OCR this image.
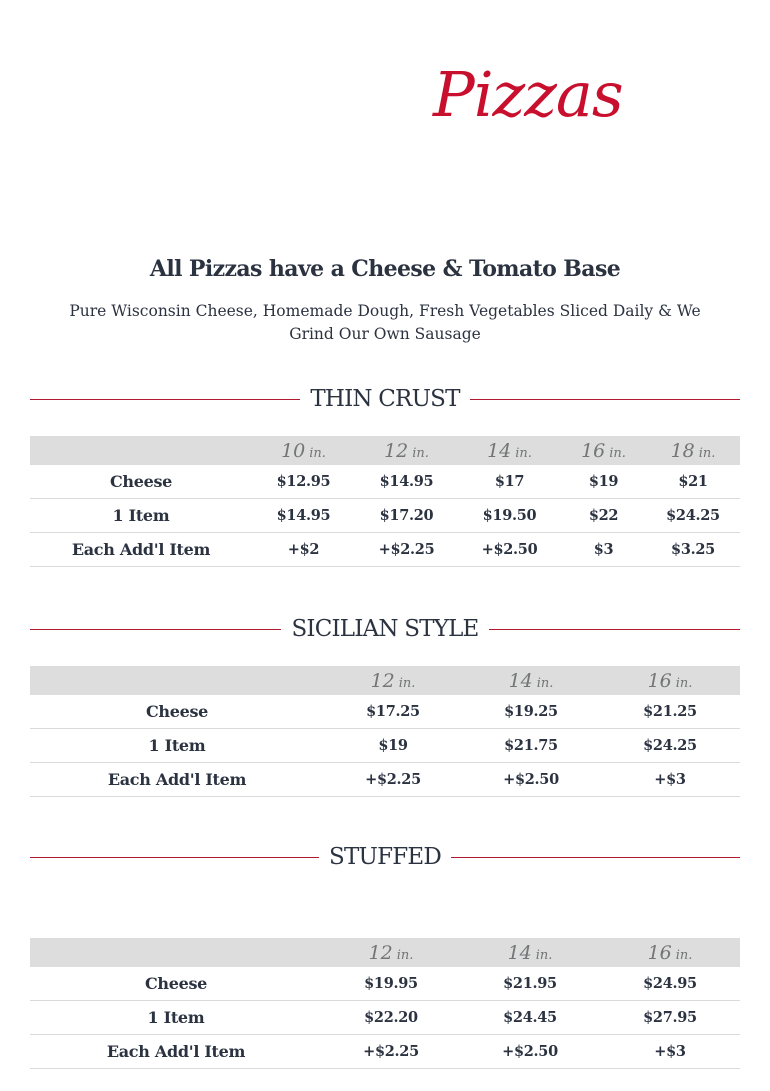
Pizzas
All Pizzas have a Cheese & Tomato Base
Pure Wisconsin Cheese, Homemade Dough, Fresh Vegetables Sliced Daily & We Grind Our Own Sausage
THIN CRUST
	10 in.	12 in.	14 in.	16 in.	18 in.
Cheese	$12.95	$14.95	$17	$19	$21
1 Item	$14.95	$17.20	$19.50	$22	$24.25
Each Add'l Item	+$2	+$2.25	+$2.50	$3	$3.25
SICILIAN STYLE
	12 in.	14 in.	16 in.
Cheese	$17.25	$19.25	$21.25
1 Item	$19	$21.75	$24.25
Each Add'l Item	+$2.25	+$2.50	+$3
STUFFED
	12 in.	14 in.	16 in.
Cheese	$19.95	$21.95	$24.95
1 Item	$22.20	$24.45	$27.95
Each Add'l Item	+$2.25	+$2.50	+$3
